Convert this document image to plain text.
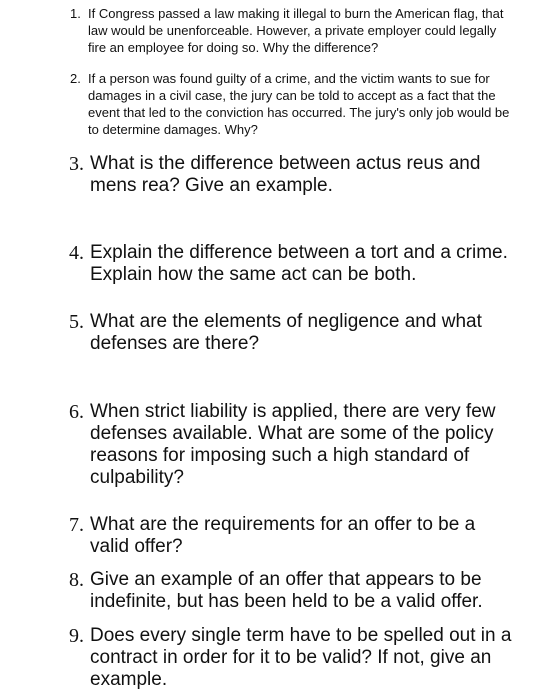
1. If Congress passed a law making it illegal to burn the American flag, that law would be unenforceable. However, a private employer could legally fire an employee for doing so. Why the difference?
2. If a person was found guilty of a crime, and the victim wants to sue for damages in a civil case, the jury can be told to accept as a fact that the event that led to the conviction has occurred. The jury's only job would be to determine damages. Why?
3. What is the difference between actus reus and mens rea? Give an example.
4. Explain the difference between a tort and a crime. Explain how the same act can be both.
5. What are the elements of negligence and what defenses are there?
6. When strict liability is applied, there are very few defenses available. What are some of the policy reasons for imposing such a high standard of culpability?
7. What are the requirements for an offer to be a valid offer?
8. Give an example of an offer that appears to be indefinite, but has been held to be a valid offer.
9. Does every single term have to be spelled out in a contract in order for it to be valid? If not, give an example.
